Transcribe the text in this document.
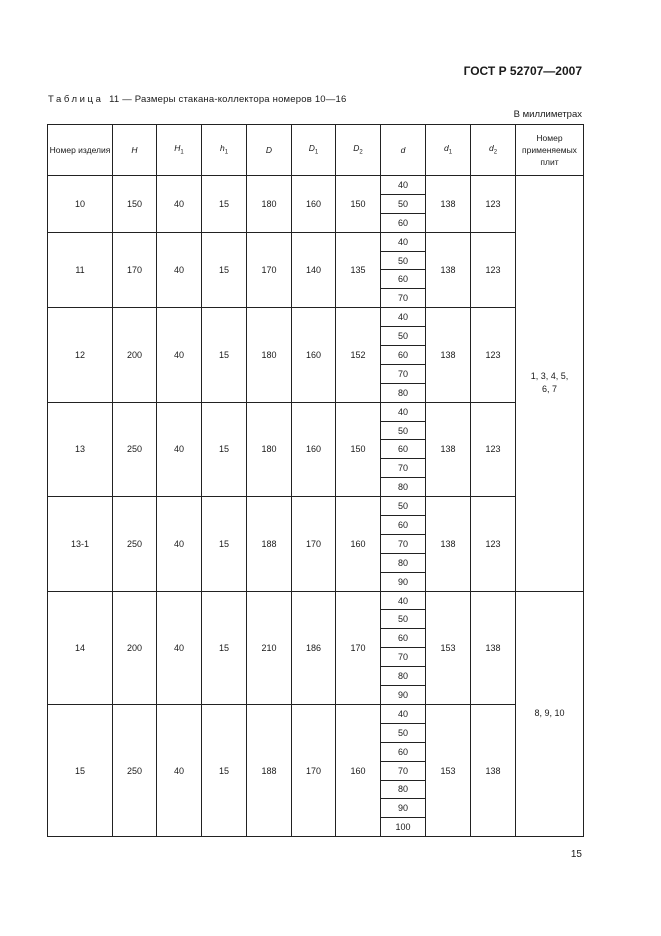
ГОСТ Р 52707—2007
Таблица 11 — Размеры стакана-коллектора номеров 10—16
В миллиметрах
Номер изделия	H	$H_1$	$h_1$	D	$D_1$	$D_2$	d	$d_1$	$d_2$	Номер применяемых плит
10	150	40	15	180	160	150	40	138	123	1, 3, 4, 5, 6, 7
							50			
							60			
11	170	40	15	170	140	135	40	138	123	
							50			
							60			
							70			
12	200	40	15	180	160	152	40	138	123	
							50			
							60			
							70			
							80			
13	250	40	15	180	160	150	40	138	123	
							50			
							60			
							70			
							80			
13-1	250	40	15	188	170	160	50	138	123	
							60			
							70			
							80			
							90			
14	200	40	15	210	186	170	40	153	138	8, 9, 10
							50			
							60			
							70			
							80			
							90			
15	250	40	15	188	170	160	40	153	138	
							50			
							60			
							70			
							80			
							90			
							100			
15
